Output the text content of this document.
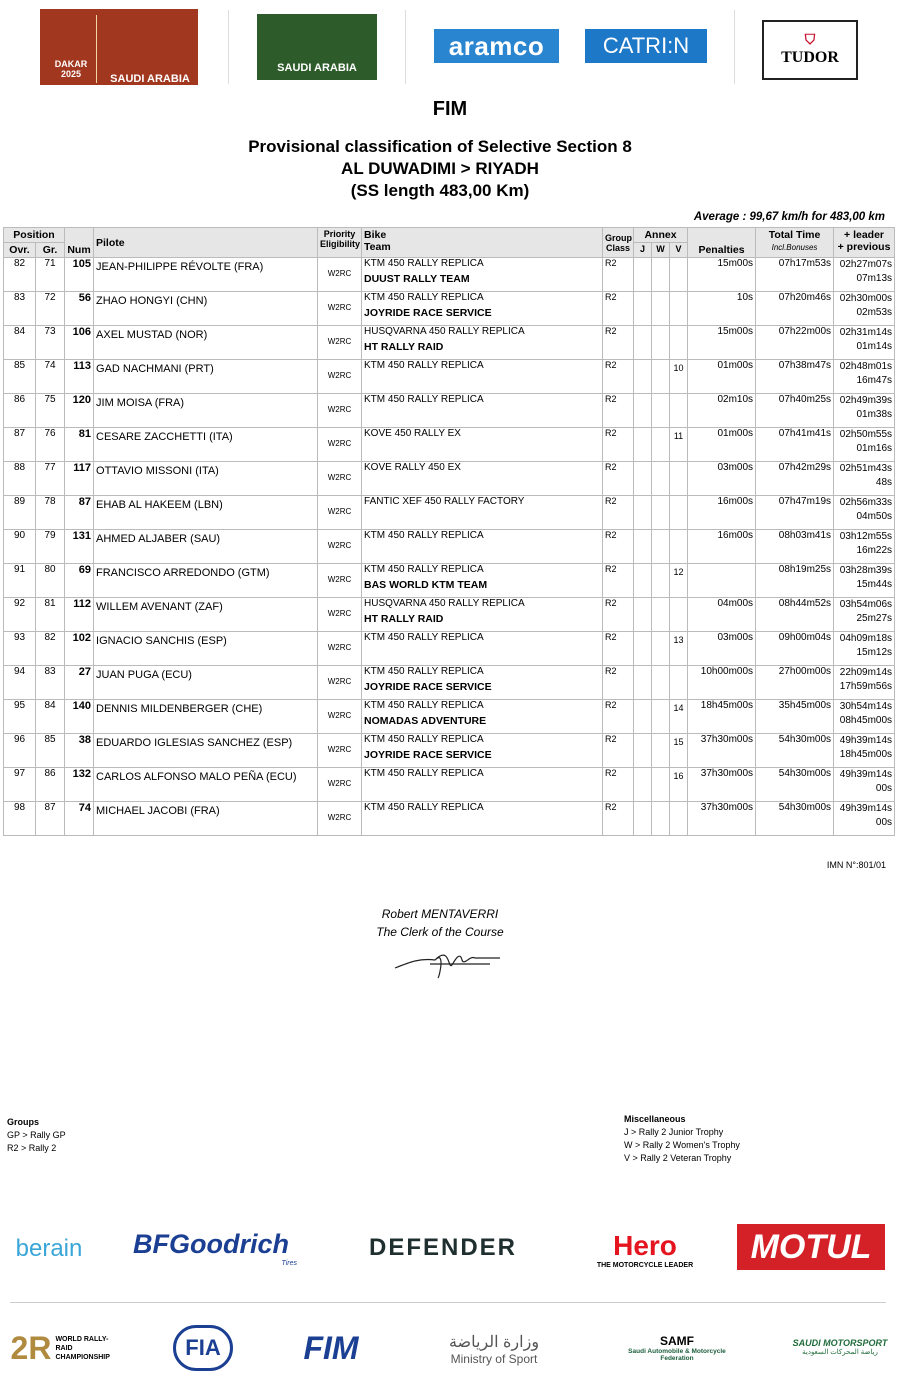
DAKAR
2025	SAUDI ARABIA
SAUDI ARABIA
aramco	CATRI:N	⛉
TUDOR
FIM
Provisional classification of Selective Section 8
AL DUWADIMI > RIYADH
(SS length 483,00 Km)
Average : 99,67 km/h for 483,00 km
Position		Num	Pilote	Priority
Eligibility	Bike
Team	Group
Class	Annex			Penalties	Total Time
Incl.Bonuses	+ leader
+ previous
Ovr.	Gr.						J	W	V			
82	71	105	JEAN-PHILIPPE RÉVOLTE (FRA)	W2RC	KTM 450 RALLY REPLICA
DUUST RALLY TEAM	R2				15m00s	07h17m53s	02h27m07s
07m13s
83	72	56	ZHAO HONGYI (CHN)	W2RC	KTM 450 RALLY REPLICA
JOYRIDE RACE SERVICE	R2				10s	07h20m46s	02h30m00s
02m53s
84	73	106	AXEL MUSTAD (NOR)	W2RC	HUSQVARNA 450 RALLY REPLICA
HT RALLY RAID	R2				15m00s	07h22m00s	02h31m14s
01m14s
85	74	113	GAD NACHMANI (PRT)	W2RC	KTM 450 RALLY REPLICA	R2			10	01m00s	07h38m47s	02h48m01s
16m47s
86	75	120	JIM MOISA (FRA)	W2RC	KTM 450 RALLY REPLICA	R2				02m10s	07h40m25s	02h49m39s
01m38s
87	76	81	CESARE ZACCHETTI (ITA)	W2RC	KOVE 450 RALLY EX	R2			11	01m00s	07h41m41s	02h50m55s
01m16s
88	77	117	OTTAVIO MISSONI (ITA)	W2RC	KOVE RALLY 450 EX	R2				03m00s	07h42m29s	02h51m43s
48s
89	78	87	EHAB AL HAKEEM (LBN)	W2RC	FANTIC XEF 450 RALLY FACTORY	R2				16m00s	07h47m19s	02h56m33s
04m50s
90	79	131	AHMED ALJABER (SAU)	W2RC	KTM 450 RALLY REPLICA	R2				16m00s	08h03m41s	03h12m55s
16m22s
91	80	69	FRANCISCO ARREDONDO (GTM)	W2RC	KTM 450 RALLY REPLICA
BAS WORLD KTM TEAM	R2			12		08h19m25s	03h28m39s
15m44s
92	81	112	WILLEM AVENANT (ZAF)	W2RC	HUSQVARNA 450 RALLY REPLICA
HT RALLY RAID	R2				04m00s	08h44m52s	03h54m06s
25m27s
93	82	102	IGNACIO SANCHIS (ESP)	W2RC	KTM 450 RALLY REPLICA	R2			13	03m00s	09h00m04s	04h09m18s
15m12s
94	83	27	JUAN PUGA (ECU)	W2RC	KTM 450 RALLY REPLICA
JOYRIDE RACE SERVICE	R2				10h00m00s	27h00m00s	22h09m14s
17h59m56s
95	84	140	DENNIS MILDENBERGER (CHE)	W2RC	KTM 450 RALLY REPLICA
NOMADAS ADVENTURE	R2			14	18h45m00s	35h45m00s	30h54m14s
08h45m00s
96	85	38	EDUARDO IGLESIAS SANCHEZ (ESP)	W2RC	KTM 450 RALLY REPLICA
JOYRIDE RACE SERVICE	R2			15	37h30m00s	54h30m00s	49h39m14s
18h45m00s
97	86	132	CARLOS ALFONSO MALO PEÑA (ECU)	W2RC	KTM 450 RALLY REPLICA	R2			16	37h30m00s	54h30m00s	49h39m14s
00s
98	87	74	MICHAEL JACOBI (FRA)	W2RC	KTM 450 RALLY REPLICA	R2				37h30m00s	54h30m00s	49h39m14s
00s
IMN N°:801/01
Robert MENTAVERRI
The Clerk of the Course
Groups
GP > Rally GP
R2 > Rally 2
Miscellaneous
J > Rally 2 Junior Trophy
W > Rally 2 Women's Trophy
V > Rally 2 Veteran Trophy
berain BFGoodrich
Tires
DEFENDER	Hero
THE MOTORCYCLE LEADER	MOTUL
2R WORLD RALLY-RAID CHAMPIONSHIP	FIA	FIM	وزارة الرياضة
Ministry of Sport
SAMF
Saudi Automobile & Motorcycle Federation
SAUDI MOTORSPORT
رياضة المحركات السعودية
